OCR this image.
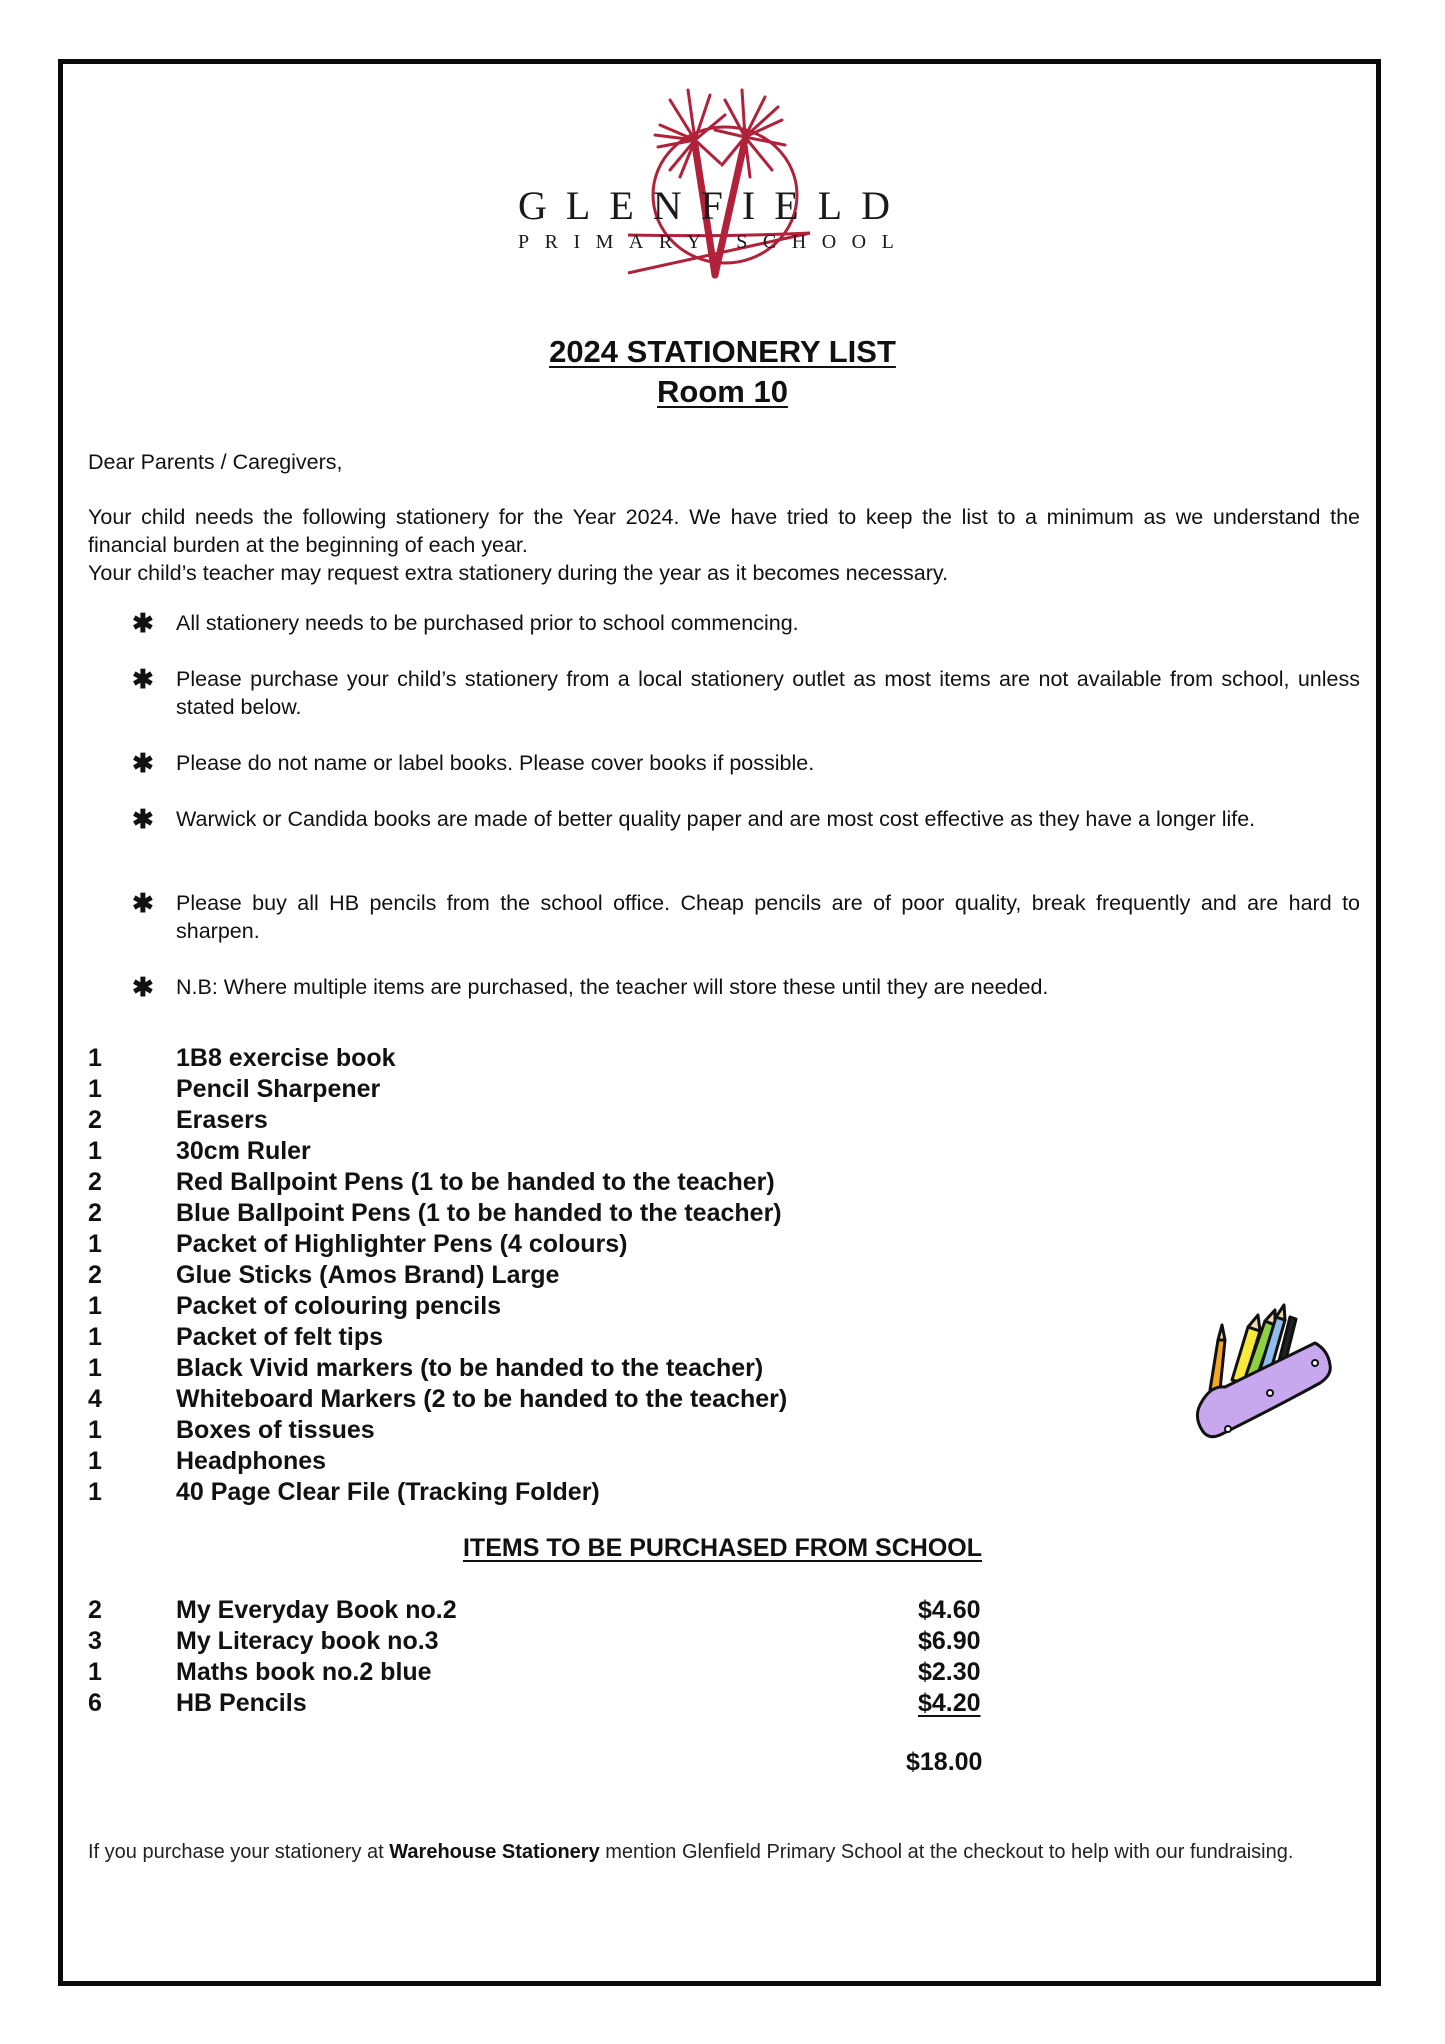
GLENFIELD
PRIMARY SCHOOL
2024 STATIONERY LIST
Room 10
Dear Parents / Caregivers,
Your child needs the following stationery for the Year 2024. We have tried to keep the list to a minimum as we understand the financial burden at the beginning of each year.
Your child’s teacher may request extra stationery during the year as it becomes necessary.
✱	All stationery needs to be purchased prior to school commencing.
✱	Please purchase your child’s stationery from a local stationery outlet as most items are not available from school, unless stated below.
✱	Please do not name or label books. Please cover books if possible.
✱	Warwick or Candida books are made of better quality paper and are most cost effective as they have a longer life.
✱	Please buy all HB pencils from the school office. Cheap pencils are of poor quality, break frequently and are hard to sharpen.
✱	N.B: Where multiple items are purchased, the teacher will store these until they are needed.
1	1B8 exercise book
1	Pencil Sharpener
2	Erasers
1	30cm Ruler
2	Red Ballpoint Pens (1 to be handed to the teacher)
2	Blue Ballpoint Pens (1 to be handed to the teacher)
1	Packet of Highlighter Pens (4 colours)
2	Glue Sticks (Amos Brand) Large
1	Packet of colouring pencils
1	Packet of felt tips
1	Black Vivid markers (to be handed to the teacher)
4	Whiteboard Markers (2 to be handed to the teacher)
1	Boxes of tissues
1	Headphones
1	40 Page Clear File (Tracking Folder)
ITEMS TO BE PURCHASED FROM SCHOOL
2	My Everyday Book no.2	$4.60
3	My Literacy book no.3	$6.90
1	Maths book no.2 blue	$2.30
6	HB Pencils	$4.20
$18.00
If you purchase your stationery at Warehouse Stationery mention Glenfield Primary School at the checkout to help with our fundraising.
